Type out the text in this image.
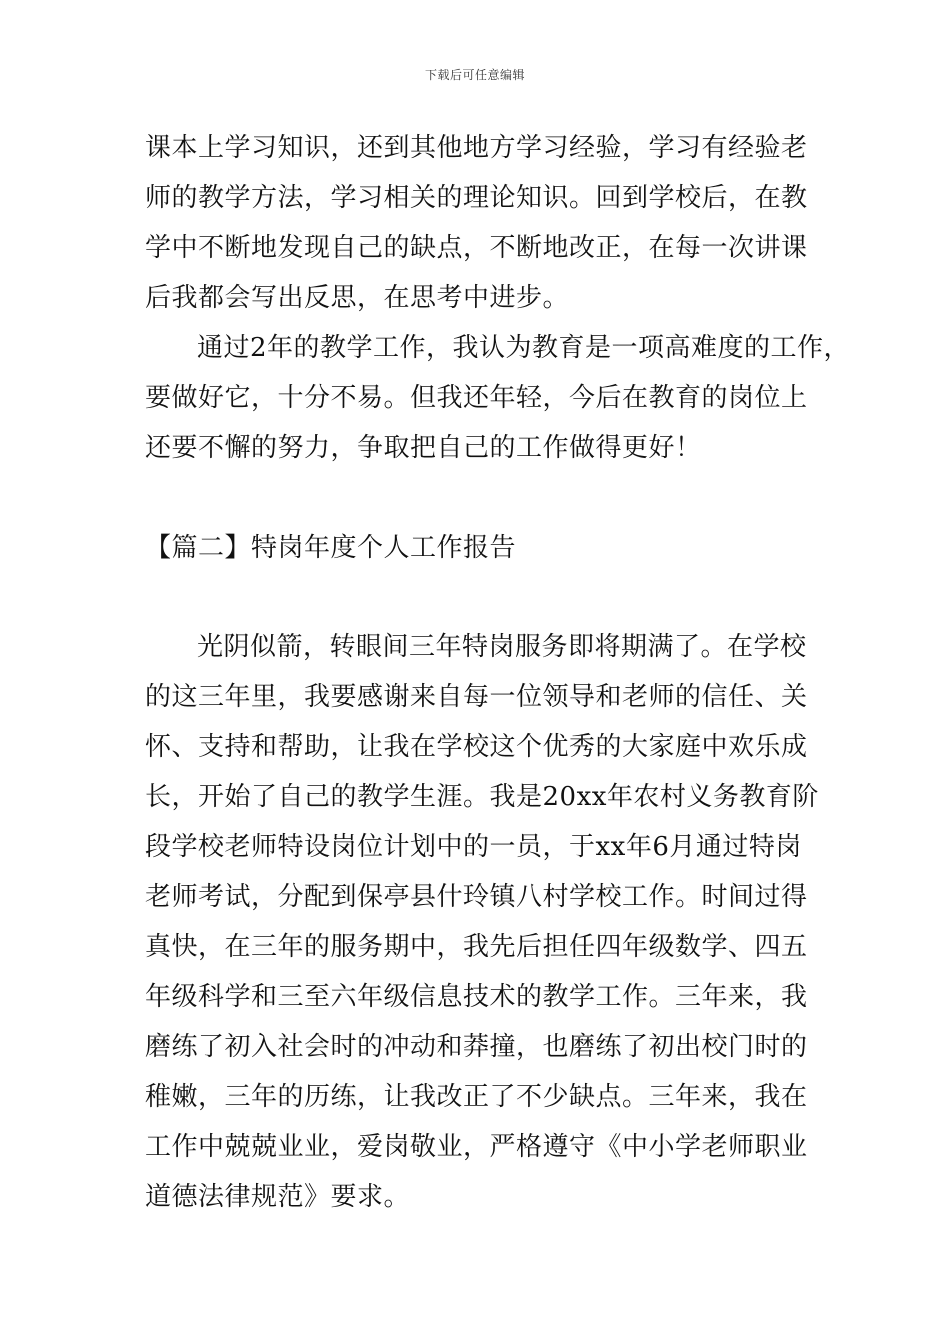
下载后可任意编辑
课本上学习知识，还到其他地方学习经验，学习有经验老
师的教学方法，学习相关的理论知识。回到学校后，在教
学中不断地发现自己的缺点，不断地改正，在每一次讲课
后我都会写出反思，在思考中进步。
通过2年的教学工作，我认为教育是一项高难度的工作，
要做好它，十分不易。但我还年轻，今后在教育的岗位上
还要不懈的努力，争取把自己的工作做得更好！
【篇二】特岗年度个人工作报告
光阴似箭，转眼间三年特岗服务即将期满了。在学校
的这三年里，我要感谢来自每一位领导和老师的信任、关
怀、支持和帮助，让我在学校这个优秀的大家庭中欢乐成
长，开始了自己的教学生涯。我是20xx年农村义务教育阶
段学校老师特设岗位计划中的一员，于xx年6月通过特岗
老师考试，分配到保亭县什玲镇八村学校工作。时间过得
真快，在三年的服务期中，我先后担任四年级数学、四五
年级科学和三至六年级信息技术的教学工作。三年来，我
磨练了初入社会时的冲动和莽撞，也磨练了初出校门时的
稚嫩，三年的历练，让我改正了不少缺点。三年来，我在
工作中兢兢业业，爱岗敬业，严格遵守《中小学老师职业
道德法律规范》要求。
